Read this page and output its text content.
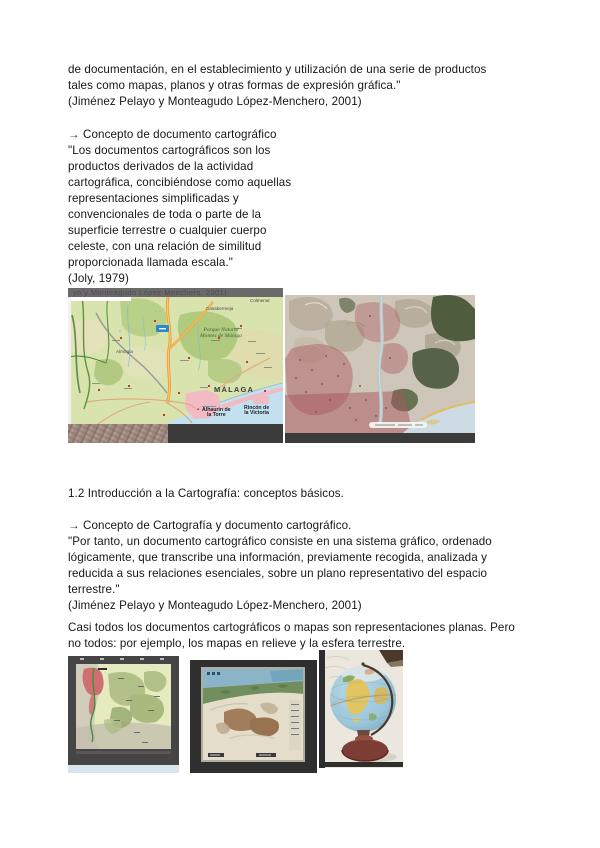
de documentación, en el establecimiento y utilización de una serie de productos
tales como mapas, planos y otras formas de expresión gráfica."
(Jiménez Pelayo y Monteagudo López-Menchero, 2001)
→ Concepto de documento cartográfico
"Los documentos cartográficos son los
productos derivados de la actividad
cartográfica, concibiéndose como aquellas
representaciones simplificadas y
convencionales de toda o parte de la
superficie terrestre o cualquier cuerpo
celeste, con una relación de similitud
proporcionada llamada escala."
(Joly, 1979)
yo y Monteagudo López-Menchero, 2001)
MÁLAGA
Parque Natural
Montes de Málaga
Alhaurín de
la Torre
Rincón de
la Victoria
Almogía
Casabermeja
Colmenar
1.2 Introducción a la Cartografía: conceptos básicos.
→ Concepto de Cartografía y documento cartográfico.
"Por tanto, un documento cartográfico consiste en una sistema gráfico, ordenado
lógicamente, que transcribe una información, previamente recogida, analizada y
reducida a sus relaciones esenciales, sobre un plano representativo del espacio
terrestre."
(Jiménez Pelayo y Monteagudo López-Menchero, 2001)
Casi todos los documentos cartográficos o mapas son representaciones planas. Pero
no todos: por ejemplo, los mapas en relieve y la esfera terrestre.
